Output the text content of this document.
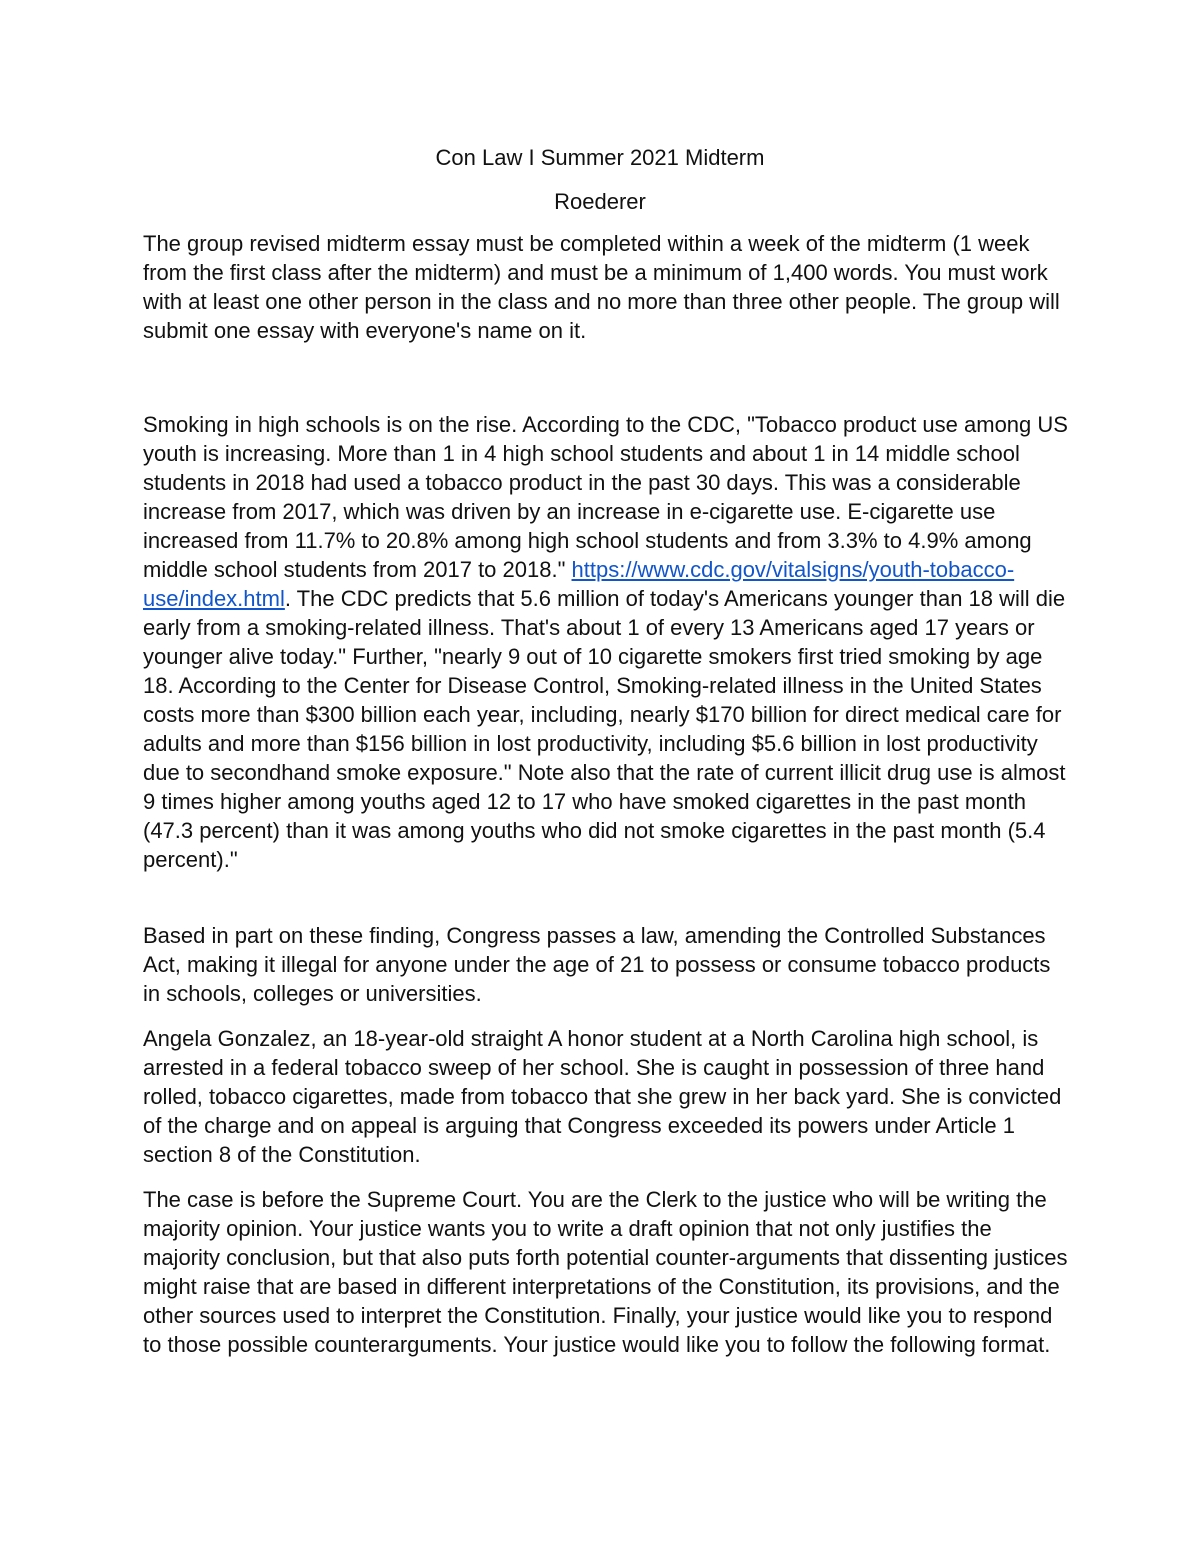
Con Law I Summer 2021 Midterm
Roederer

The group revised midterm essay must be completed within a week of the midterm (1 week from the first class after the midterm) and must be a minimum of 1,400 words. You must work with at least one other person in the class and no more than three other people. The group will submit one essay with everyone's name on it.

Smoking in high schools is on the rise. According to the CDC, "Tobacco product use among US youth is increasing. More than 1 in 4 high school students and about 1 in 14 middle school students in 2018 had used a tobacco product in the past 30 days. This was a considerable increase from 2017, which was driven by an increase in e-cigarette use. E-cigarette use increased from 11.7% to 20.8% among high school students and from 3.3% to 4.9% among middle school students from 2017 to 2018." https://www.cdc.gov/vitalsigns/youth-tobacco-use/index.html. The CDC predicts that 5.6 million of today's Americans younger than 18 will die early from a smoking-related illness. That's about 1 of every 13 Americans aged 17 years or younger alive today." Further, "nearly 9 out of 10 cigarette smokers first tried smoking by age 18. According to the Center for Disease Control, Smoking-related illness in the United States costs more than $300 billion each year, including, nearly $170 billion for direct medical care for adults and more than $156 billion in lost productivity, including $5.6 billion in lost productivity due to secondhand smoke exposure." Note also that the rate of current illicit drug use is almost 9 times higher among youths aged 12 to 17 who have smoked cigarettes in the past month (47.3 percent) than it was among youths who did not smoke cigarettes in the past month (5.4 percent)."

Based in part on these finding, Congress passes a law, amending the Controlled Substances Act, making it illegal for anyone under the age of 21 to possess or consume tobacco products in schools, colleges or universities.

Angela Gonzalez, an 18-year-old straight A honor student at a North Carolina high school, is arrested in a federal tobacco sweep of her school. She is caught in possession of three hand rolled, tobacco cigarettes, made from tobacco that she grew in her back yard. She is convicted of the charge and on appeal is arguing that Congress exceeded its powers under Article 1 section 8 of the Constitution.

The case is before the Supreme Court. You are the Clerk to the justice who will be writing the majority opinion. Your justice wants you to write a draft opinion that not only justifies the majority conclusion, but that also puts forth potential counter-arguments that dissenting justices might raise that are based in different interpretations of the Constitution, its provisions, and the other sources used to interpret the Constitution. Finally, your justice would like you to respond to those possible counterarguments. Your justice would like you to follow the following format.
